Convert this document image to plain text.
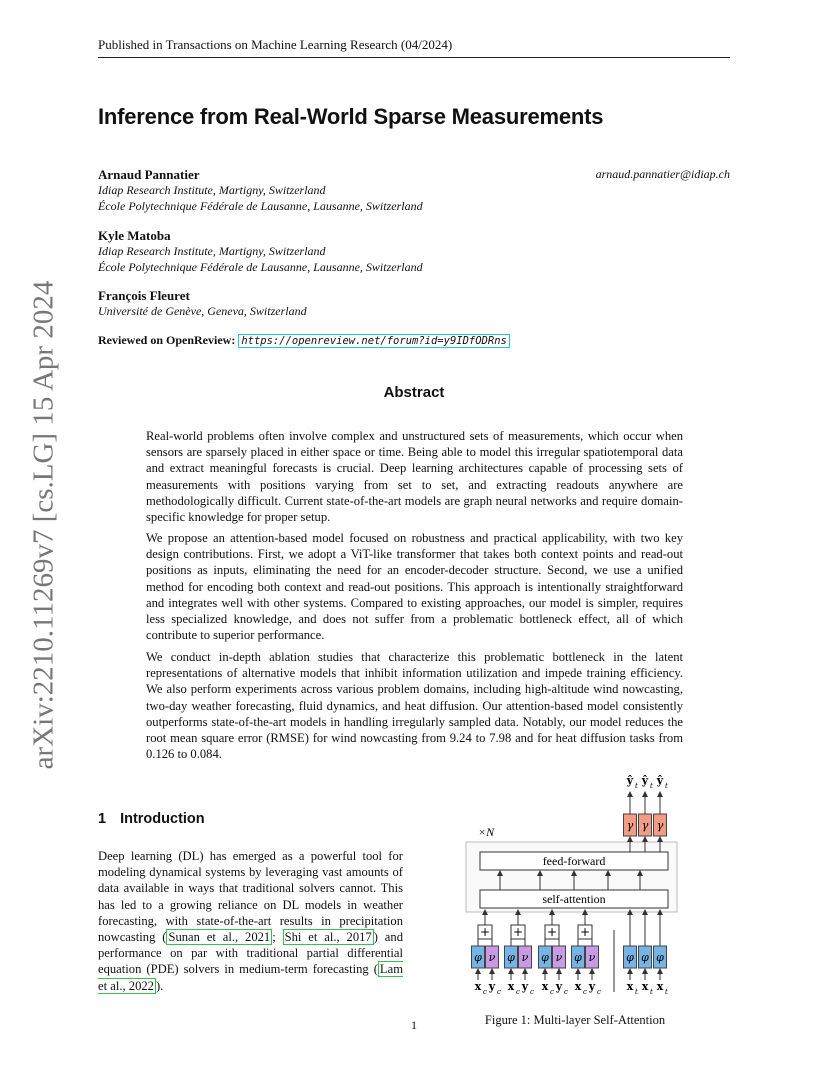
Published in Transactions on Machine Learning Research (04/2024)
arXiv:2210.11269v7 [cs.LG] 15 Apr 2024
Inference from Real-World Sparse Measurements
Arnaud Pannatier	arnaud.pannatier@idiap.ch
Idiap Research Institute, Martigny, Switzerland
École Polytechnique Fédérale de Lausanne, Lausanne, Switzerland
Kyle Matoba
Idiap Research Institute, Martigny, Switzerland
École Polytechnique Fédérale de Lausanne, Lausanne, Switzerland
François Fleuret
Université de Genève, Geneva, Switzerland
Reviewed on OpenReview: https://openreview.net/forum?id=y9IDfODRns
Abstract
Real-world problems often involve complex and unstructured sets of measurements, which occur when sensors are sparsely placed in either space or time. Being able to model this irregular spatiotemporal data and extract meaningful forecasts is crucial. Deep learning architectures capable of processing sets of measurements with positions varying from set to set, and extracting readouts anywhere are methodologically difficult. Current state-of-the-art models are graph neural networks and require domain-specific knowledge for proper setup.
We propose an attention-based model focused on robustness and practical applicability, with two key design contributions. First, we adopt a ViT-like transformer that takes both context points and read-out positions as inputs, eliminating the need for an encoder-decoder structure. Second, we use a unified method for encoding both context and read-out positions. This approach is intentionally straightforward and integrates well with other systems. Compared to existing approaches, our model is simpler, requires less specialized knowledge, and does not suffer from a problematic bottleneck effect, all of which contribute to superior performance.
We conduct in-depth ablation studies that characterize this problematic bottleneck in the latent representations of alternative models that inhibit information utilization and impede training efficiency. We also perform experiments across various problem domains, including high-altitude wind nowcasting, two-day weather forecasting, fluid dynamics, and heat diffusion. Our attention-based model consistently outperforms state-of-the-art models in handling irregularly sampled data. Notably, our model reduces the root mean square error (RMSE) for wind nowcasting from 9.24 to 7.98 and for heat diffusion tasks from 0.126 to 0.084.
1 Introduction
Deep learning (DL) has emerged as a powerful tool for modeling dynamical systems by leveraging vast amounts of data available in ways that traditional solvers cannot. This has led to a growing reliance on DL models in weather forecasting, with state-of-the-art results in precipitation nowcasting ( Sunan et al., 2021 ; Shi et al., 2017 ) and performance on par with traditional partial differential equation (PDE) solvers in medium-term forecasting ( Lam et al., 2022 ).
×N
feed-forward
self-attention
φ ν
+
x c y c
φ ν
+
x c y c
φ ν
+
x c y c
φ ν
+
x c y c
φ
x t
γ
ŷ t
φ
x t
γ
ŷ t
φ
x t
γ
ŷ t
Figure 1: Multi-layer Self-Attention
1
